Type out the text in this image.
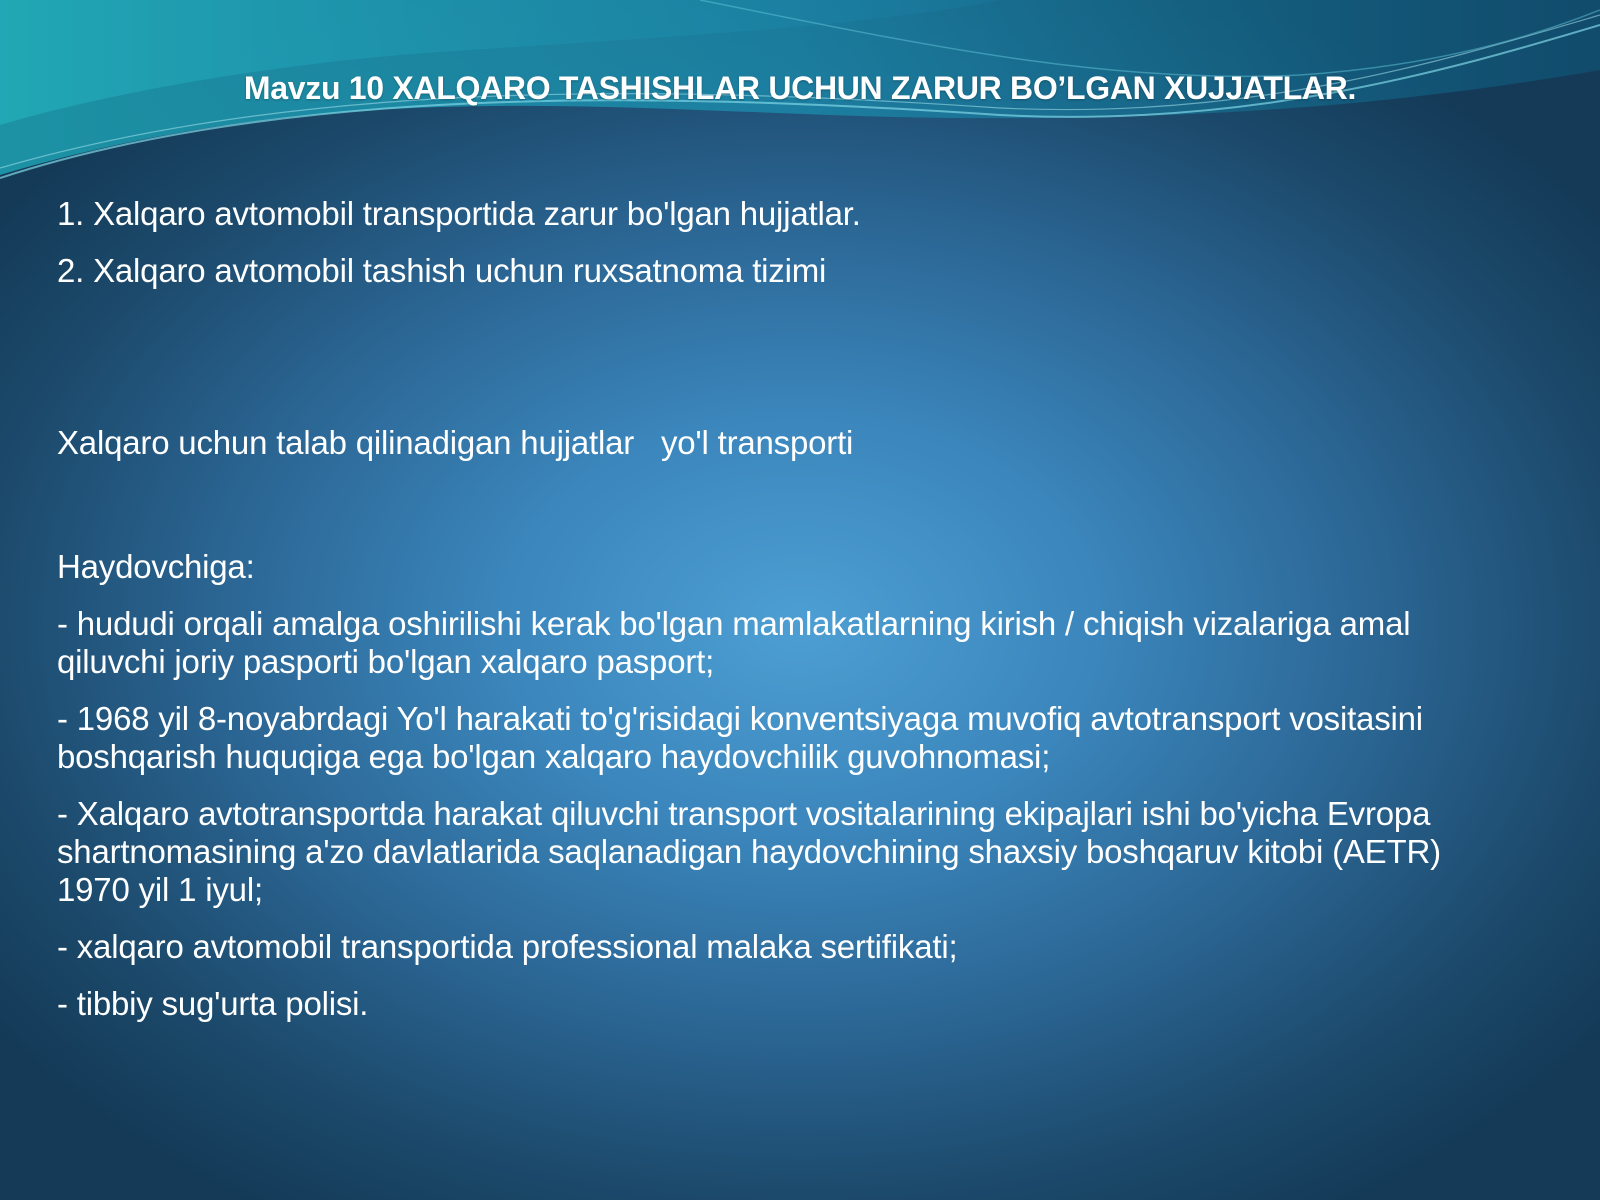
Mavzu 10 XALQARO TASHISHLAR UCHUN ZARUR BO’LGAN XUJJATLAR.

1. Xalqaro avtomobil transportida zarur bo'lgan hujjatlar.

2. Xalqaro avtomobil tashish uchun ruxsatnoma tizimi

Xalqaro uchun talab qilinadigan hujjatlar yo'l transporti

Haydovchiga:

- hududi orqali amalga oshirilishi kerak bo'lgan mamlakatlarning kirish / chiqish vizalariga amal qiluvchi joriy pasporti bo'lgan xalqaro pasport;

- 1968 yil 8-noyabrdagi Yo'l harakati to'g'risidagi konventsiyaga muvofiq avtotransport vositasini boshqarish huquqiga ega bo'lgan xalqaro haydovchilik guvohnomasi;

- Xalqaro avtotransportda harakat qiluvchi transport vositalarining ekipajlari ishi bo'yicha Evropa shartnomasining a'zo davlatlarida saqlanadigan haydovchining shaxsiy boshqaruv kitobi (AETR) 1970 yil 1 iyul;

- xalqaro avtomobil transportida professional malaka sertifikati;

- tibbiy sug'urta polisi.
